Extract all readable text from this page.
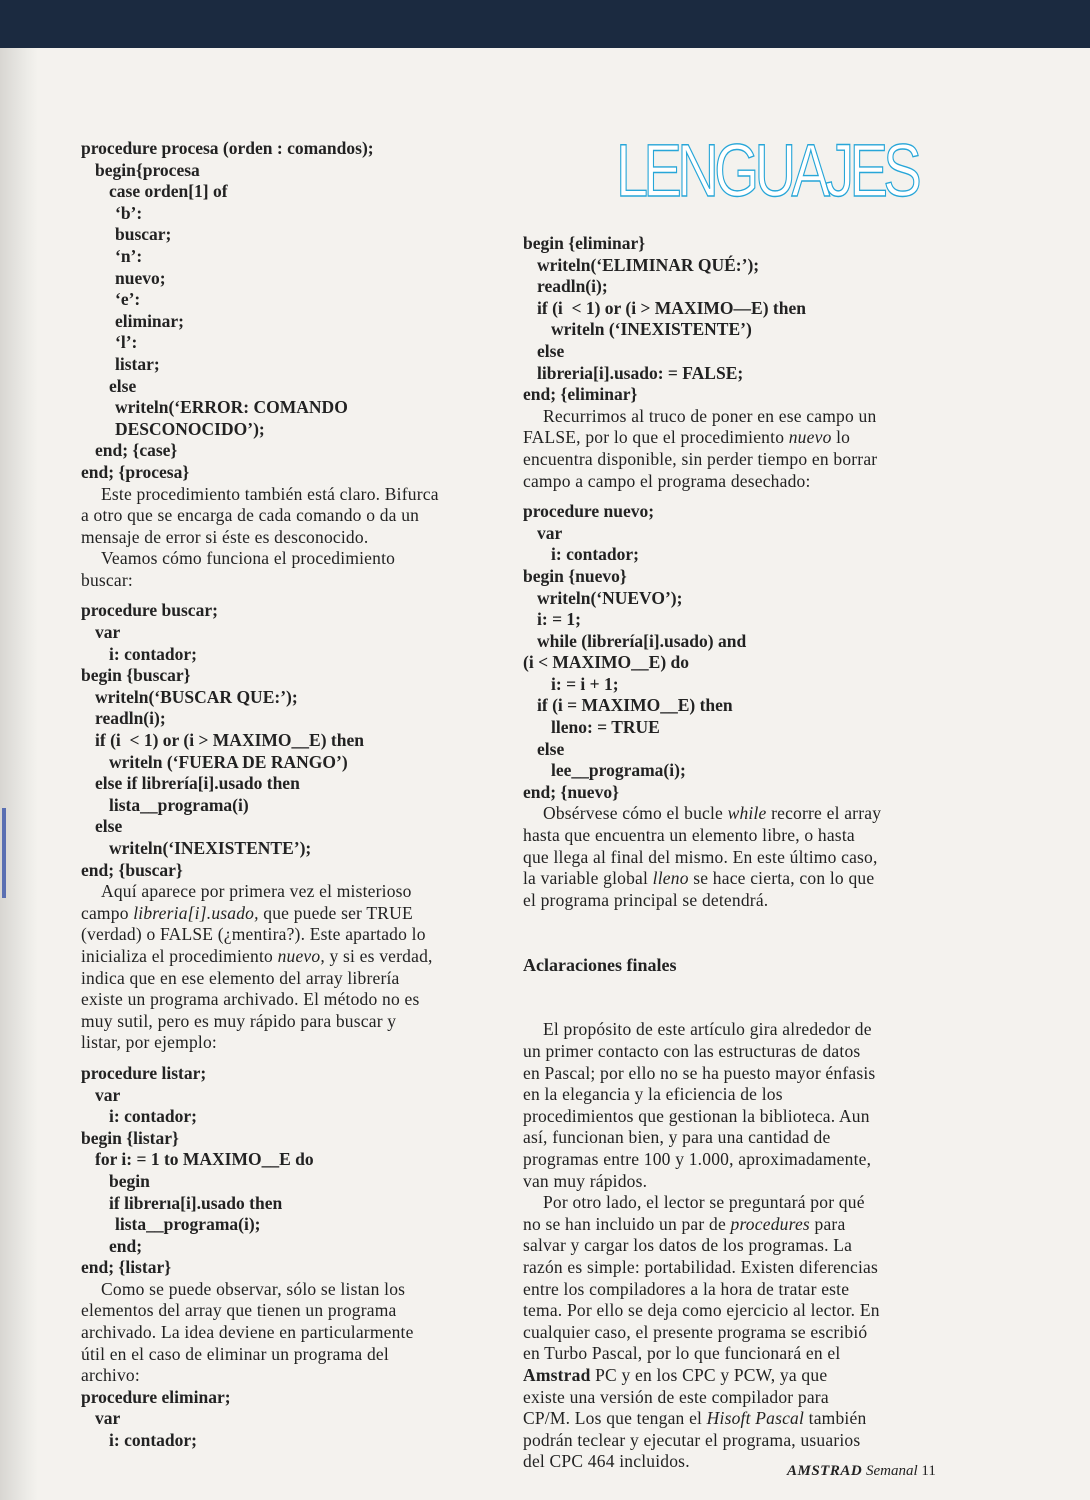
LENGUAJES
procedure procesa (orden : comandos);
begin{procesa
case orden[1] of
‘b’:
buscar;
‘n’:
nuevo;
‘e’:
eliminar;
‘l’:
listar;
else
writeln(‘ERROR: COMANDO
DESCONOCIDO’);
end; {case}
end; {procesa}
Este procedimiento también está claro. Bifurca
a otro que se encarga de cada comando o da un
mensaje de error si éste es desconocido.
Veamos cómo funciona el procedimiento
buscar:
procedure buscar;
var
i: contador;
begin {buscar}
writeln(‘BUSCAR QUE:’);
readln(i);
if (i  < 1) or (i > MAXIMO__E) then
writeln (‘FUERA DE RANGO’)
else if librería[i].usado then
lista__programa(i)
else
writeln(‘INEXISTENTE’);
end; {buscar}
Aquí aparece por primera vez el misterioso
campo libreria[i].usado, que puede ser TRUE
(verdad) o FALSE (¿mentira?). Este apartado lo
inicializa el procedimiento nuevo, y si es verdad,
indica que en ese elemento del array librería
existe un programa archivado. El método no es
muy sutil, pero es muy rápido para buscar y
listar, por ejemplo:
procedure listar;
var
i: contador;
begin {listar}
for i: = 1 to MAXIMO__E do
begin
if librerıa[i].usado then
lista__programa(i);
end;
end; {listar}
Como se puede observar, sólo se listan los
elementos del array que tienen un programa
archivado. La idea deviene en particularmente
útil en el caso de eliminar un programa del
archivo:
procedure eliminar;
var
i: contador;
begin {eliminar}
writeln(‘ELIMINAR QUÉ:’);
readln(i);
if (i  < 1) or (i > MAXIMO—E) then
writeln (‘INEXISTENTE’)
else
libreria[i].usado: = FALSE;
end; {eliminar}
Recurrimos al truco de poner en ese campo un
FALSE, por lo que el procedimiento nuevo lo
encuentra disponible, sin perder tiempo en borrar
campo a campo el programa desechado:
procedure nuevo;
var
i: contador;
begin {nuevo}
writeln(‘NUEVO’);
i: = 1;
while (librería[i].usado) and
(i < MAXIMO__E) do
i: = i + 1;
if (i = MAXIMO__E) then
lleno: = TRUE
else
lee__programa(i);
end; {nuevo}
Obsérvese cómo el bucle while recorre el array
hasta que encuentra un elemento libre, o hasta
que llega al final del mismo. En este último caso,
la variable global lleno se hace cierta, con lo que
el programa principal se detendrá.
Aclaraciones finales
El propósito de este artículo gira alrededor de
un primer contacto con las estructuras de datos
en Pascal; por ello no se ha puesto mayor énfasis
en la elegancia y la eficiencia de los
procedimientos que gestionan la biblioteca. Aun
así, funcionan bien, y para una cantidad de
programas entre 100 y 1.000, aproximadamente,
van muy rápidos.
Por otro lado, el lector se preguntará por qué
no se han incluido un par de procedures para
salvar y cargar los datos de los programas. La
razón es simple: portabilidad. Existen diferencias
entre los compiladores a la hora de tratar este
tema. Por ello se deja como ejercicio al lector. En
cualquier caso, el presente programa se escribió
en Turbo Pascal, por lo que funcionará en el
Amstrad PC y en los CPC y PCW, ya que
existe una versión de este compilador para
CP/M. Los que tengan el Hisoft Pascal también
podrán teclear y ejecutar el programa, usuarios
del CPC 464 incluidos.	AMSTRAD Semanal 11
